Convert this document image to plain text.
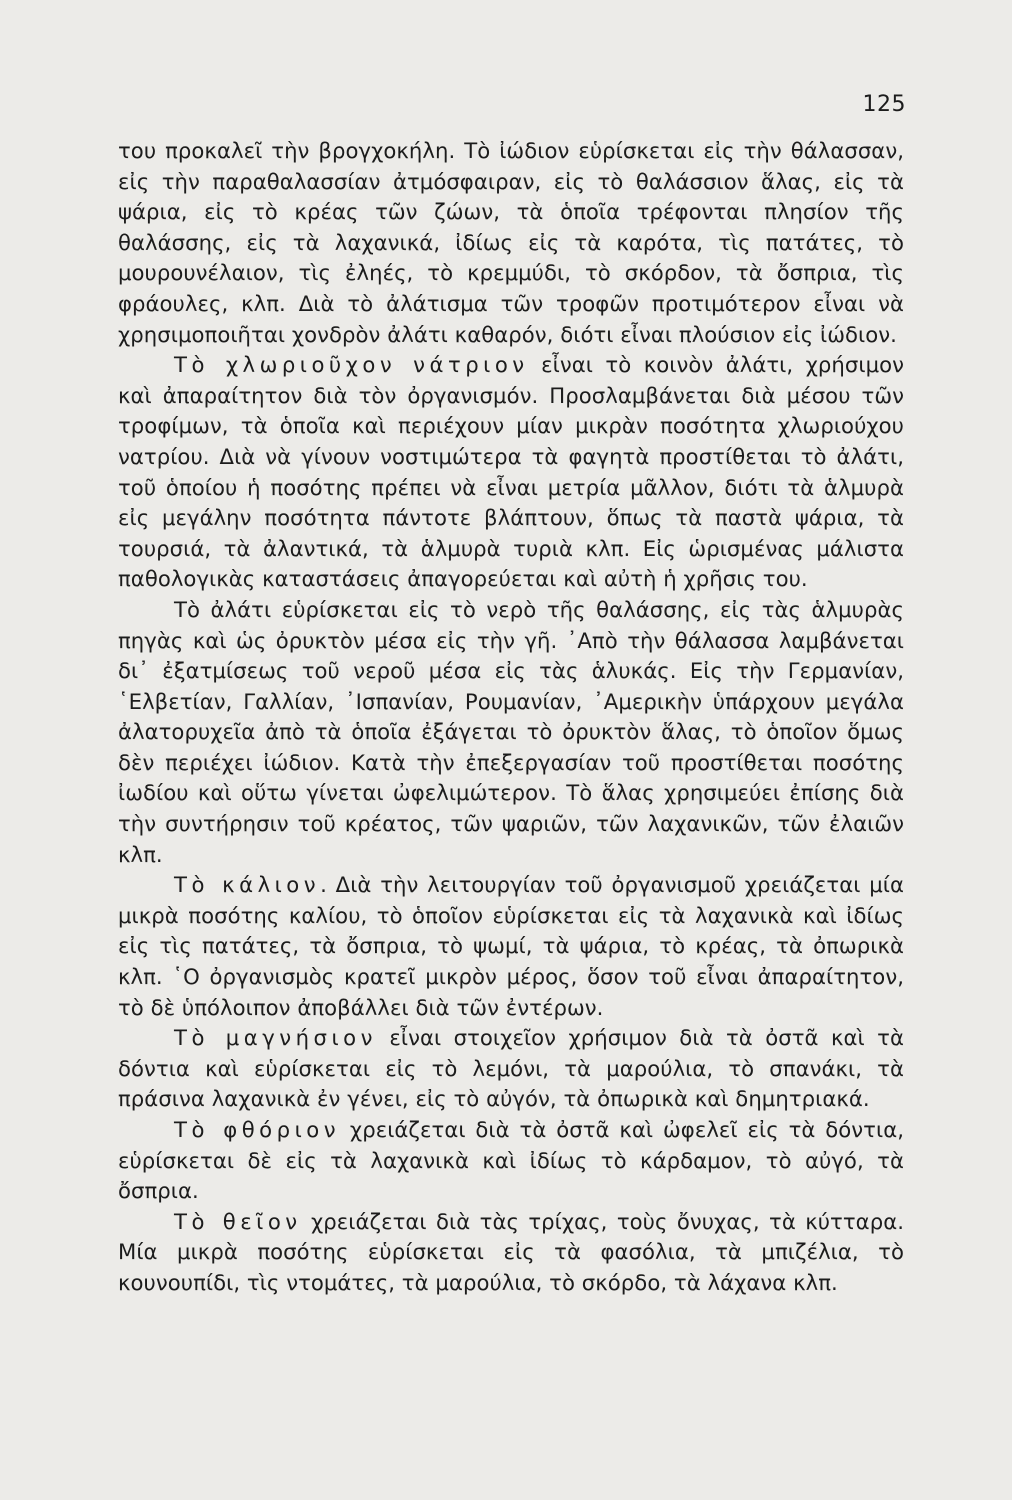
125

του προκαλεῖ τὴν βρογχοκήλη. Τὸ ἰώδιον εὑρίσκεται εἰς τὴν θάλασσαν, εἰς τὴν παραθαλασσίαν ἀτμόσφαιραν, εἰς τὸ θαλάσσιον ἅλας, εἰς τὰ ψάρια, εἰς τὸ κρέας τῶν ζώων, τὰ ὁποῖα τρέφονται πλησίον τῆς θαλάσσης, εἰς τὰ λαχανικά, ἰδίως εἰς τὰ καρότα, τὶς πατάτες, τὸ μουρουνέλαιον, τὶς ἐληές, τὸ κρεμμύδι, τὸ σκόρδον, τὰ ὄσπρια, τὶς φράουλες, κλπ. Διὰ τὸ ἀλάτισμα τῶν τροφῶν προτιμότερον εἶναι νὰ χρησιμοποιῆται χονδρὸν ἀλάτι καθαρόν, διότι εἶναι πλούσιον εἰς ἰώδιον.

Τὸ χλωριοῦχον νάτριον εἶναι τὸ κοινὸν ἀλάτι, χρήσιμον καὶ ἀπαραίτητον διὰ τὸν ὀργανισμόν. Προσλαμβάνεται διὰ μέσου τῶν τροφίμων, τὰ ὁποῖα καὶ περιέχουν μίαν μικρὰν ποσότητα χλωριούχου νατρίου. Διὰ νὰ γίνουν νοστιμώτερα τὰ φαγητὰ προστίθεται τὸ ἀλάτι, τοῦ ὁποίου ἡ ποσότης πρέπει νὰ εἶναι μετρία μᾶλλον, διότι τὰ ἁλμυρὰ εἰς μεγάλην ποσότητα πάντοτε βλάπτουν, ὅπως τὰ παστὰ ψάρια, τὰ τουρσιά, τὰ ἀλαντικά, τὰ ἁλμυρὰ τυριὰ κλπ. Εἰς ὡρισμένας μάλιστα παθολογικὰς καταστάσεις ἀπαγορεύεται καὶ αὐτὴ ἡ χρῆσις του.

Τὸ ἀλάτι εὑρίσκεται εἰς τὸ νερὸ τῆς θαλάσσης, εἰς τὰς ἁλμυρὰς πηγὰς καὶ ὡς ὀρυκτὸν μέσα εἰς τὴν γῆ. ᾿Απὸ τὴν θάλασσα λαμβάνεται δι᾿ ἐξατμίσεως τοῦ νεροῦ μέσα εἰς τὰς ἁλυκάς. Εἰς τὴν Γερμανίαν, ῾Ελβετίαν, Γαλλίαν, ᾿Ισπανίαν, Ρουμανίαν, ᾿Αμερικὴν ὑπάρχουν μεγάλα ἀλατορυχεῖα ἀπὸ τὰ ὁποῖα ἐξάγεται τὸ ὀρυκτὸν ἅλας, τὸ ὁποῖον ὅμως δὲν περιέχει ἰώδιον. Κατὰ τὴν ἐπεξεργασίαν τοῦ προστίθεται ποσότης ἰωδίου καὶ οὕτω γίνεται ὠφελιμώτερον. Τὸ ἅλας χρησιμεύει ἐπίσης διὰ τὴν συντήρησιν τοῦ κρέατος, τῶν ψαριῶν, τῶν λαχανικῶν, τῶν ἐλαιῶν κλπ.

Τὸ κάλιον. Διὰ τὴν λειτουργίαν τοῦ ὀργανισμοῦ χρειάζεται μία μικρὰ ποσότης καλίου, τὸ ὁποῖον εὑρίσκεται εἰς τὰ λαχανικὰ καὶ ἰδίως εἰς τὶς πατάτες, τὰ ὄσπρια, τὸ ψωμί, τὰ ψάρια, τὸ κρέας, τὰ ὀπωρικὰ κλπ. ῾Ο ὀργανισμὸς κρατεῖ μικρὸν μέρος, ὅσον τοῦ εἶναι ἀπαραίτητον, τὸ δὲ ὑπόλοιπον ἀποβάλλει διὰ τῶν ἐντέρων.

Τὸ μαγνήσιον εἶναι στοιχεῖον χρήσιμον διὰ τὰ ὀστᾶ καὶ τὰ δόντια καὶ εὑρίσκεται εἰς τὸ λεμόνι, τὰ μαρούλια, τὸ σπανάκι, τὰ πράσινα λαχανικὰ ἐν γένει, εἰς τὸ αὐγόν, τὰ ὀπωρικὰ καὶ δημητριακά.

Τὸ φθόριον χρειάζεται διὰ τὰ ὀστᾶ καὶ ὠφελεῖ εἰς τὰ δόντια, εὑρίσκεται δὲ εἰς τὰ λαχανικὰ καὶ ἰδίως τὸ κάρδαμον, τὸ αὐγό, τὰ ὄσπρια.

Τὸ θεῖον χρειάζεται διὰ τὰς τρίχας, τοὺς ὄνυχας, τὰ κύτταρα. Μία μικρὰ ποσότης εὑρίσκεται εἰς τὰ φασόλια, τὰ μπιζέλια, τὸ κουνουπίδι, τὶς ντομάτες, τὰ μαρούλια, τὸ σκόρδο, τὰ λάχανα κλπ.
